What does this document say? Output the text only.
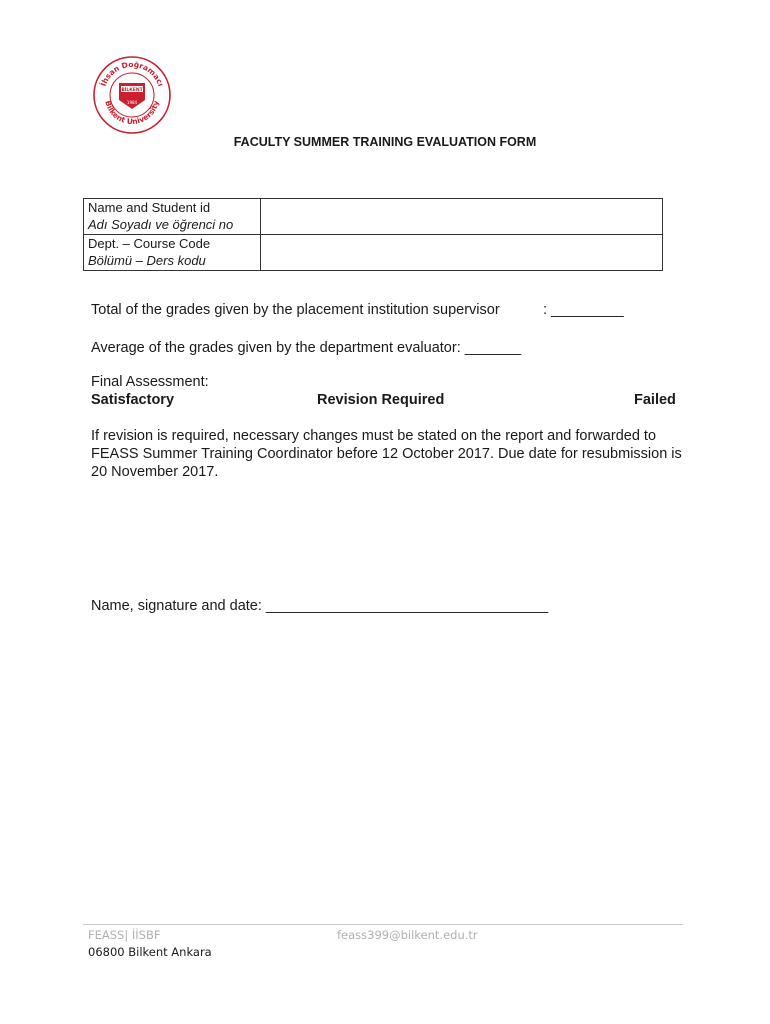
İhsan Doğramacı
Bilkent University
BİLKENT
1984
FACULTY SUMMER TRAINING EVALUATION FORM
Name and Student id
Adı Soyadı ve öğrenci no	

Dept. – Course Code
Bölümü – Ders kodu	

Total of the grades given by the placement institution supervisor	: _________
Average of the grades given by the department evaluator: _______
Final Assessment:
Satisfactory	Revision Required	Failed
If revision is required, necessary changes must be stated on the report and forwarded to FEASS Summer Training Coordinator before 12 October 2017. Due date for resubmission is 20 November 2017.
Name, signature and date: ___________________________________
FEASS| İİSBF
06800 Bilkent Ankara
feass399@bilkent.edu.tr
